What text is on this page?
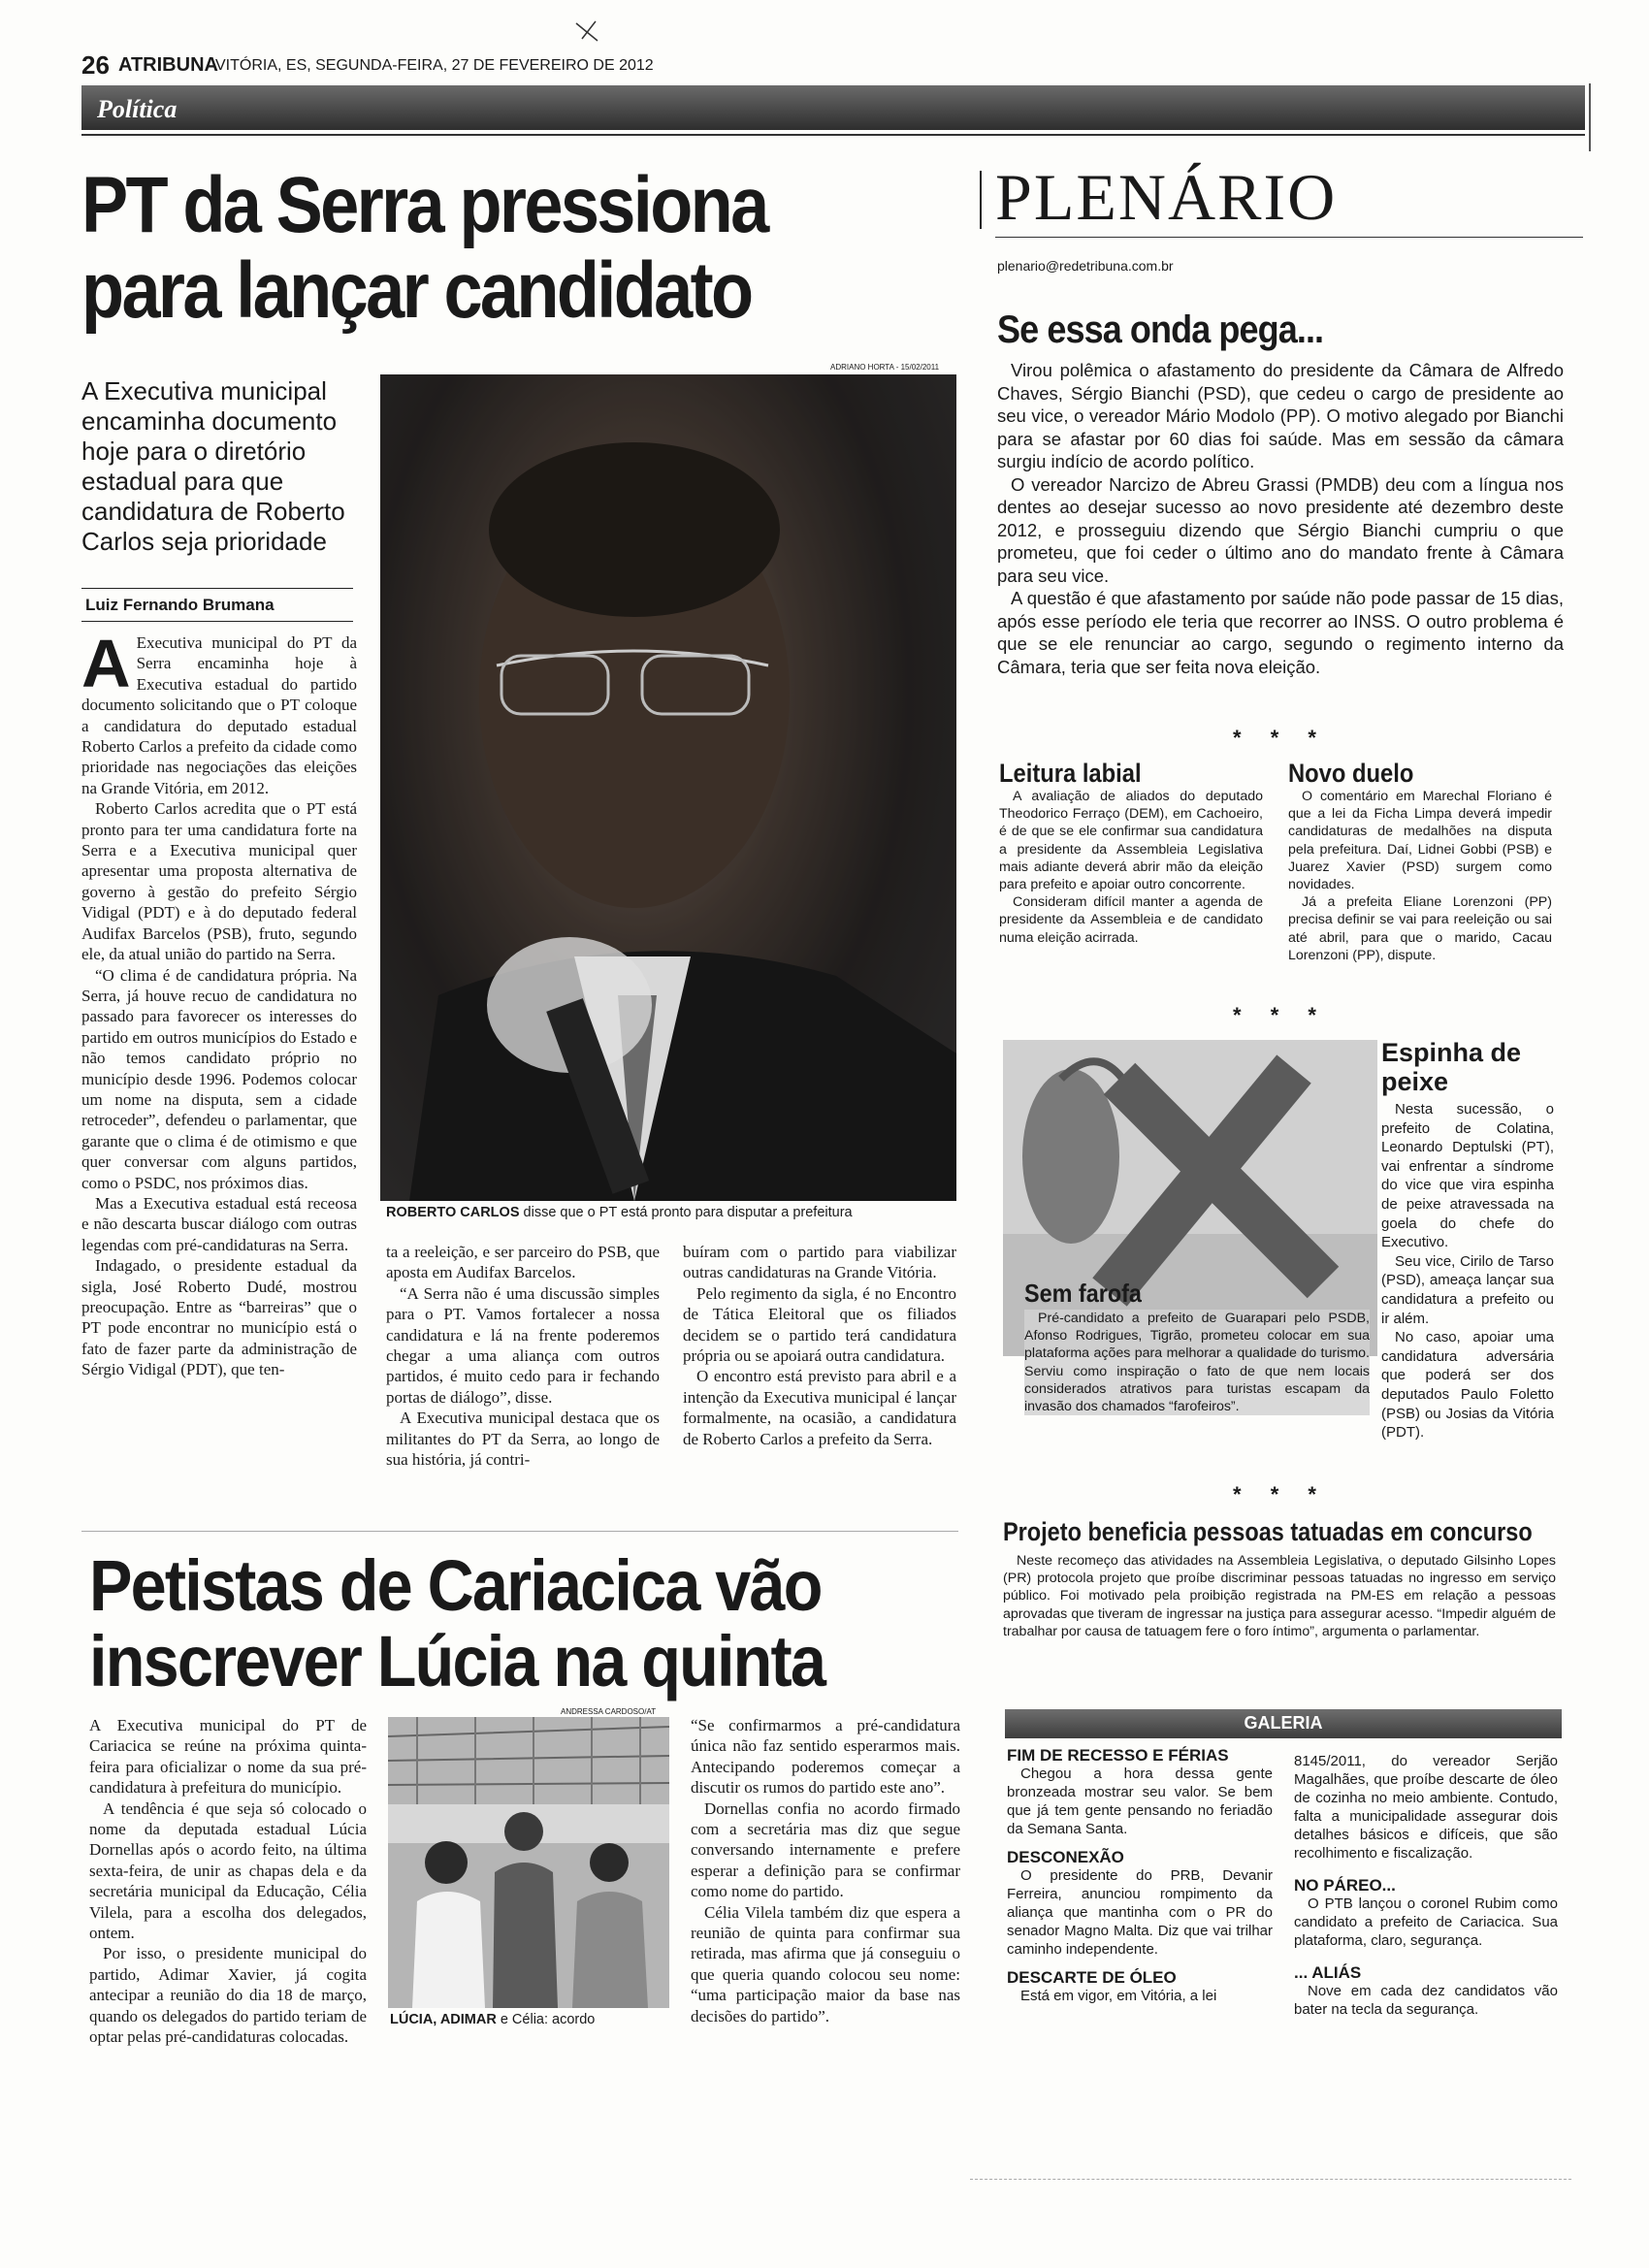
26 ATRIBUNA
VITÓRIA, ES, SEGUNDA-FEIRA, 27 DE FEVEREIRO DE 2012
Política
PT da Serra pressiona
para lançar candidato
A Executiva municipal encaminha documento hoje para o diretório estadual para que candidatura de Roberto Carlos seja prioridade
Luiz Fernando Brumana
ADRIANO HORTA - 15/02/2011
ROBERTO CARLOS disse que o PT está pronto para disputar a prefeitura
A Executiva municipal do PT da Serra encaminha hoje à Executiva estadual do partido documento solicitando que o PT coloque a candidatura do deputado estadual Roberto Carlos a prefeito da cidade como prioridade nas negociações das eleições na Grande Vitória, em 2012.

Roberto Carlos acredita que o PT está pronto para ter uma candidatura forte na Serra e a Executiva municipal quer apresentar uma proposta alternativa de governo à gestão do prefeito Sérgio Vidigal (PDT) e à do deputado federal Audifax Barcelos (PSB), fruto, segundo ele, da atual união do partido na Serra.

“O clima é de candidatura própria. Na Serra, já houve recuo de candidatura no passado para favorecer os interesses do partido em outros municípios do Estado e não temos candidato próprio no município desde 1996. Podemos colocar um nome na disputa, sem a cidade retroceder”, defendeu o parlamentar, que garante que o clima é de otimismo e que quer conversar com alguns partidos, como o PSDC, nos próximos dias.

Mas a Executiva estadual está receosa e não descarta buscar diálogo com outras legendas com pré-candidaturas na Serra.

Indagado, o presidente estadual da sigla, José Roberto Dudé, mostrou preocupação. Entre as “barreiras” que o PT pode encontrar no município está o fato de fazer parte da administração de Sérgio Vidigal (PDT), que ten-

ta a reeleição, e ser parceiro do PSB, que aposta em Audifax Barcelos.

“A Serra não é uma discussão simples para o PT. Vamos fortalecer a nossa candidatura e lá na frente poderemos chegar a uma aliança com outros partidos, é muito cedo para ir fechando portas de diálogo”, disse.

A Executiva municipal destaca que os militantes do PT da Serra, ao longo de sua história, já contri-

buíram com o partido para viabilizar outras candidaturas na Grande Vitória.

Pelo regimento da sigla, é no Encontro de Tática Eleitoral que os filiados decidem se o partido terá candidatura própria ou se apoiará outra candidatura.

O encontro está previsto para abril e a intenção da Executiva municipal é lançar formalmente, na ocasião, a candidatura de Roberto Carlos a prefeito da Serra.

Petistas de Cariacica vão
inscrever Lúcia na quinta

A Executiva municipal do PT de Cariacica se reúne na próxima quinta-feira para oficializar o nome da sua pré-candidatura à prefeitura do município.

A tendência é que seja só colocado o nome da deputada estadual Lúcia Dornellas após o acordo feito, na última sexta-feira, de unir as chapas dela e da secretária municipal da Educação, Célia Vilela, para a escolha dos delegados, ontem.

Por isso, o presidente municipal do partido, Adimar Xavier, já cogita antecipar a reunião do dia 18 de março, quando os delegados do partido teriam de optar pelas pré-candidaturas colocadas.

ANDRESSA CARDOSO/AT
LÚCIA, ADIMAR e Célia: acordo

“Se confirmarmos a pré-candidatura única não faz sentido esperarmos mais. Antecipando poderemos começar a discutir os rumos do partido este ano”.

Dornellas confia no acordo firmado com a secretária mas diz que segue conversando internamente e prefere esperar a definição para se confirmar como nome do partido.

Célia Vilela também diz que espera a reunião de quinta para confirmar sua retirada, mas afirma que já conseguiu o que queria quando colocou seu nome: “uma participação maior da base nas decisões do partido”.

PLENÁRIO
plenario@redetribuna.com.br
Se essa onda pega...

Virou polêmica o afastamento do presidente da Câmara de Alfredo Chaves, Sérgio Bianchi (PSD), que cedeu o cargo de presidente ao seu vice, o vereador Mário Modolo (PP). O motivo alegado por Bianchi para se afastar por 60 dias foi saúde. Mas em sessão da câmara surgiu indício de acordo político.

O vereador Narcizo de Abreu Grassi (PMDB) deu com a língua nos dentes ao desejar sucesso ao novo presidente até dezembro deste 2012, e prosseguiu dizendo que Sérgio Bianchi cumpriu o que prometeu, que foi ceder o último ano do mandato frente à Câmara para seu vice.

A questão é que afastamento por saúde não pode passar de 15 dias, após esse período ele teria que recorrer ao INSS. O outro problema é que se ele renunciar ao cargo, segundo o regimento interno da Câmara, teria que ser feita nova eleição.

* * *
Leitura labial

A avaliação de aliados do deputado Theodorico Ferraço (DEM), em Cachoeiro, é de que se ele confirmar sua candidatura a presidente da Assembleia Legislativa mais adiante deverá abrir mão da eleição para prefeito e apoiar outro concorrente.

Consideram difícil manter a agenda de presidente da Assembleia e de candidato numa eleição acirrada.

Novo duelo

O comentário em Marechal Floriano é que a lei da Ficha Limpa deverá impedir candidaturas de medalhões na disputa pela prefeitura. Daí, Lidnei Gobbi (PSB) e Juarez Xavier (PSD) surgem como novidades.

Já a prefeita Eliane Lorenzoni (PP) precisa definir se vai para reeleição ou sai até abril, para que o marido, Cacau Lorenzoni (PP), dispute.

* * *
Sem farofa
Pré-candidato a prefeito de Guarapari pelo PSDB, Afonso Rodrigues, Tigrão, prometeu colocar em sua plataforma ações para melhorar a qualidade do turismo. Serviu como inspiração o fato de que nem locais considerados atrativos para turistas escapam da invasão dos chamados “farofeiros”.
Espinha de peixe

Nesta sucessão, o prefeito de Colatina, Leonardo Deptulski (PT), vai enfrentar a síndrome do vice que vira espinha de peixe atravessada na goela do chefe do Executivo.

Seu vice, Cirilo de Tarso (PSD), ameaça lançar sua candidatura a prefeito ou ir além.

No caso, apoiar uma candidatura adversária que poderá ser dos deputados Paulo Foletto (PSB) ou Josias da Vitória (PDT).

* * *
Projeto beneficia pessoas tatuadas em concurso
Neste recomeço das atividades na Assembleia Legislativa, o deputado Gilsinho Lopes (PR) protocola projeto que proíbe discriminar pessoas tatuadas no ingresso em serviço público. Foi motivado pela proibição registrada na PM-ES em relação a pessoas aprovadas que tiveram de ingressar na justiça para assegurar acesso. “Impedir alguém de trabalhar por causa de tatuagem fere o foro íntimo”, argumenta o parlamentar.
GALERIA
FIM DE RECESSO E FÉRIAS

Chegou a hora dessa gente bronzeada mostrar seu valor. Se bem que já tem gente pensando no feriadão da Semana Santa.

DESCONEXÃO

O presidente do PRB, Devanir Ferreira, anunciou rompimento da aliança que mantinha com o PR do senador Magno Malta. Diz que vai trilhar caminho independente.

DESCARTE DE ÓLEO

Está em vigor, em Vitória, a lei

8145/2011, do vereador Serjão Magalhães, que proíbe descarte de óleo de cozinha no meio ambiente. Contudo, falta a municipalidade assegurar dois detalhes básicos e difíceis, que são recolhimento e fiscalização.

NO PÁREO...

O PTB lançou o coronel Rubim como candidato a prefeito de Cariacica. Sua plataforma, claro, segurança.

... ALIÁS

Nove em cada dez candidatos vão bater na tecla da segurança.
